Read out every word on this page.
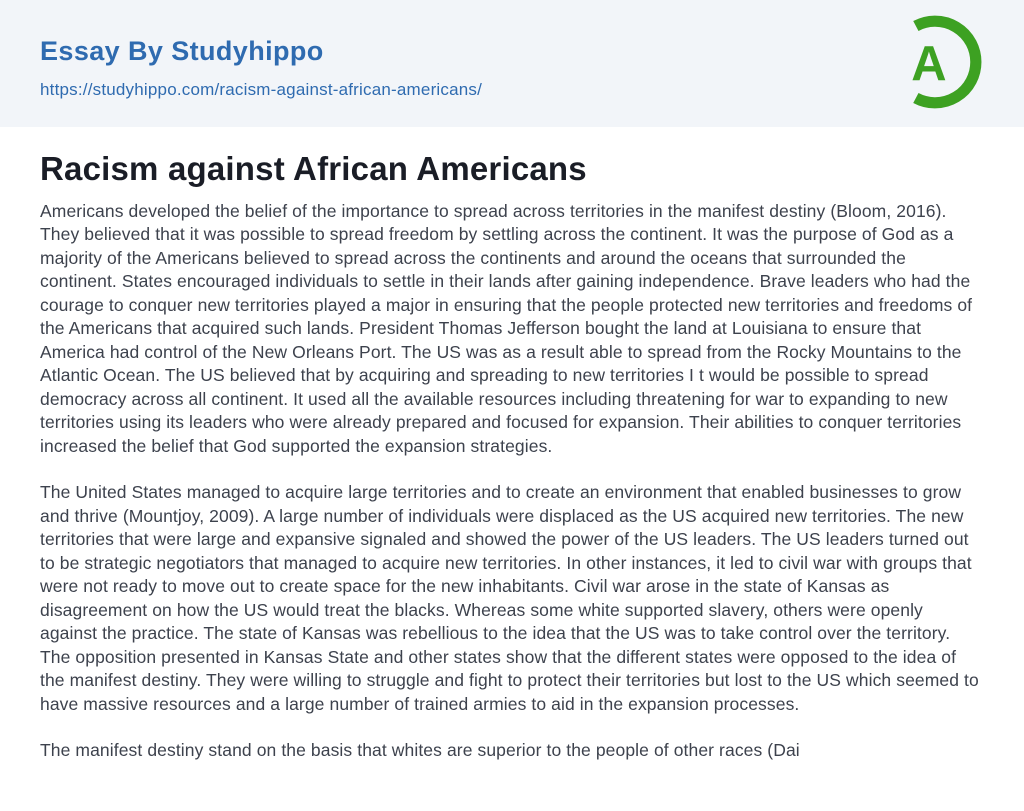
Essay By Studyhippo
https://studyhippo.com/racism-against-african-americans/	A
Racism against African Americans

Americans developed the belief of the importance to spread across territories in the manifest destiny (Bloom, 2016). They believed that it was possible to spread freedom by settling across the continent. It was the purpose of God as a majority of the Americans believed to spread across the continents and around the oceans that surrounded the continent. States encouraged individuals to settle in their lands after gaining independence. Brave leaders who had the courage to conquer new territories played a major in ensuring that the people protected new territories and freedoms of the Americans that acquired such lands. President Thomas Jefferson bought the land at Louisiana to ensure that America had control of the New Orleans Port. The US was as a result able to spread from the Rocky Mountains to the Atlantic Ocean. The US believed that by acquiring and spreading to new territories I t would be possible to spread democracy across all continent. It used all the available resources including threatening for war to expanding to new territories using its leaders who were already prepared and focused for expansion. Their abilities to conquer territories increased the belief that God supported the expansion strategies.

The United States managed to acquire large territories and to create an environment that enabled businesses to grow and thrive (Mountjoy, 2009). A large number of individuals were displaced as the US acquired new territories. The new territories that were large and expansive signaled and showed the power of the US leaders. The US leaders turned out to be strategic negotiators that managed to acquire new territories. In other instances, it led to civil war with groups that were not ready to move out to create space for the new inhabitants. Civil war arose in the state of Kansas as disagreement on how the US would treat the blacks. Whereas some white supported slavery, others were openly against the practice. The state of Kansas was rebellious to the idea that the US was to take control over the territory. The opposition presented in Kansas State and other states show that the different states were opposed to the idea of the manifest destiny. They were willing to struggle and fight to protect their territories but lost to the US which seemed to have massive resources and a large number of trained armies to aid in the expansion processes.

The manifest destiny stand on the basis that whites are superior to the people of other races (Dai
